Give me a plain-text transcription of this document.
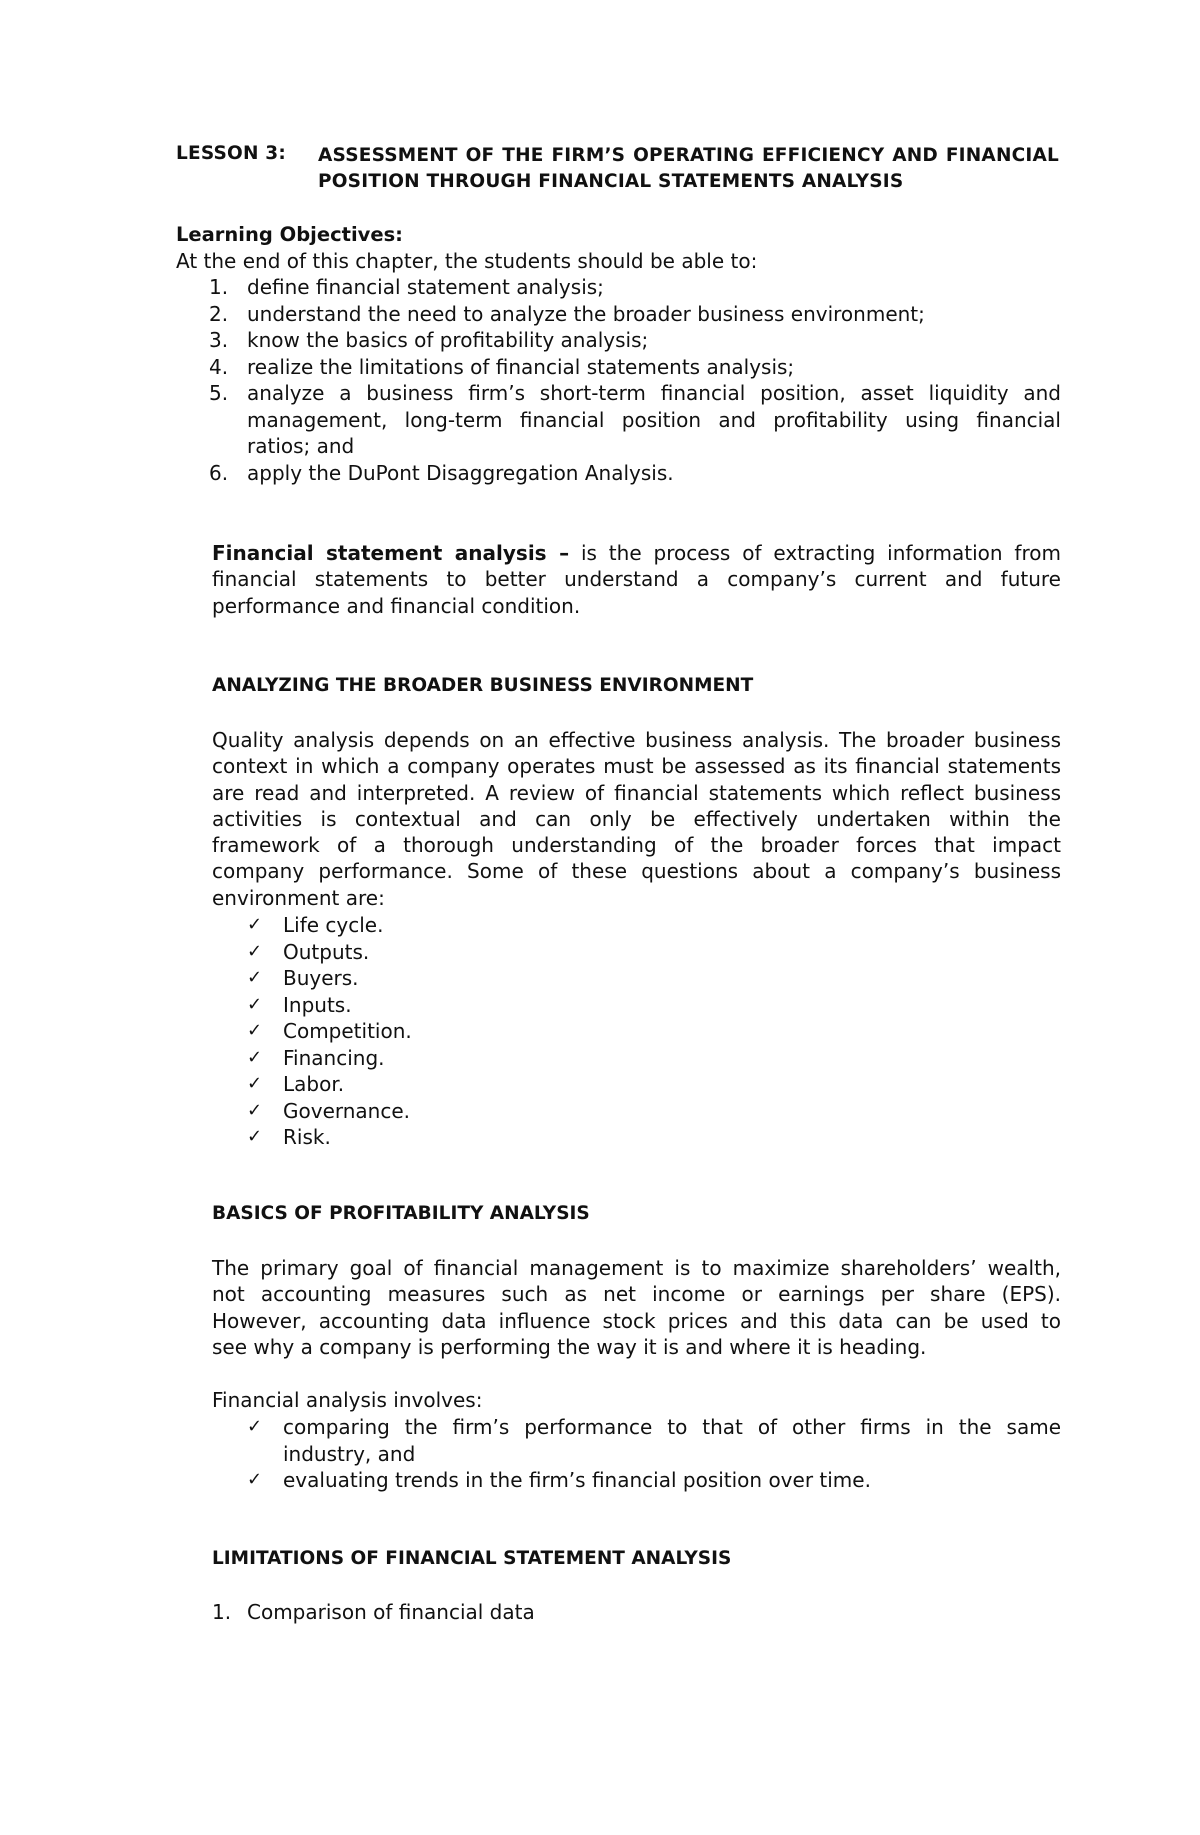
LESSON 3: ASSESSMENT OF THE FIRM’S OPERATING EFFICIENCY AND FINANCIAL
POSITION THROUGH FINANCIAL STATEMENTS ANALYSIS
Learning Objectives:
At the end of this chapter, the students should be able to:
1. define financial statement analysis;
2. understand the need to analyze the broader business environment;
3. know the basics of profitability analysis;
4. realize the limitations of financial statements analysis;
5. analyze a business firm’s short-term financial position, asset liquidity and
management, long-term financial position and profitability using financial
ratios; and
6. apply the DuPont Disaggregation Analysis.
Financial statement analysis – is the process of extracting information from
financial statements to better understand a company’s current and future
performance and financial condition.
ANALYZING THE BROADER BUSINESS ENVIRONMENT
Quality analysis depends on an effective business analysis. The broader business
context in which a company operates must be assessed as its financial statements
are read and interpreted. A review of financial statements which reflect business
activities is contextual and can only be effectively undertaken within the
framework of a thorough understanding of the broader forces that impact
company performance. Some of these questions about a company’s business
environment are:
✓ Life cycle.
✓ Outputs.
✓ Buyers.
✓ Inputs.
✓ Competition.
✓ Financing.
✓ Labor.
✓ Governance.
✓ Risk.
BASICS OF PROFITABILITY ANALYSIS
The primary goal of financial management is to maximize shareholders’ wealth,
not accounting measures such as net income or earnings per share (EPS).
However, accounting data influence stock prices and this data can be used to
see why a company is performing the way it is and where it is heading.
Financial analysis involves:
✓ comparing the firm’s performance to that of other firms in the same
industry, and
✓ evaluating trends in the firm’s financial position over time.
LIMITATIONS OF FINANCIAL STATEMENT ANALYSIS
1. Comparison of financial data
